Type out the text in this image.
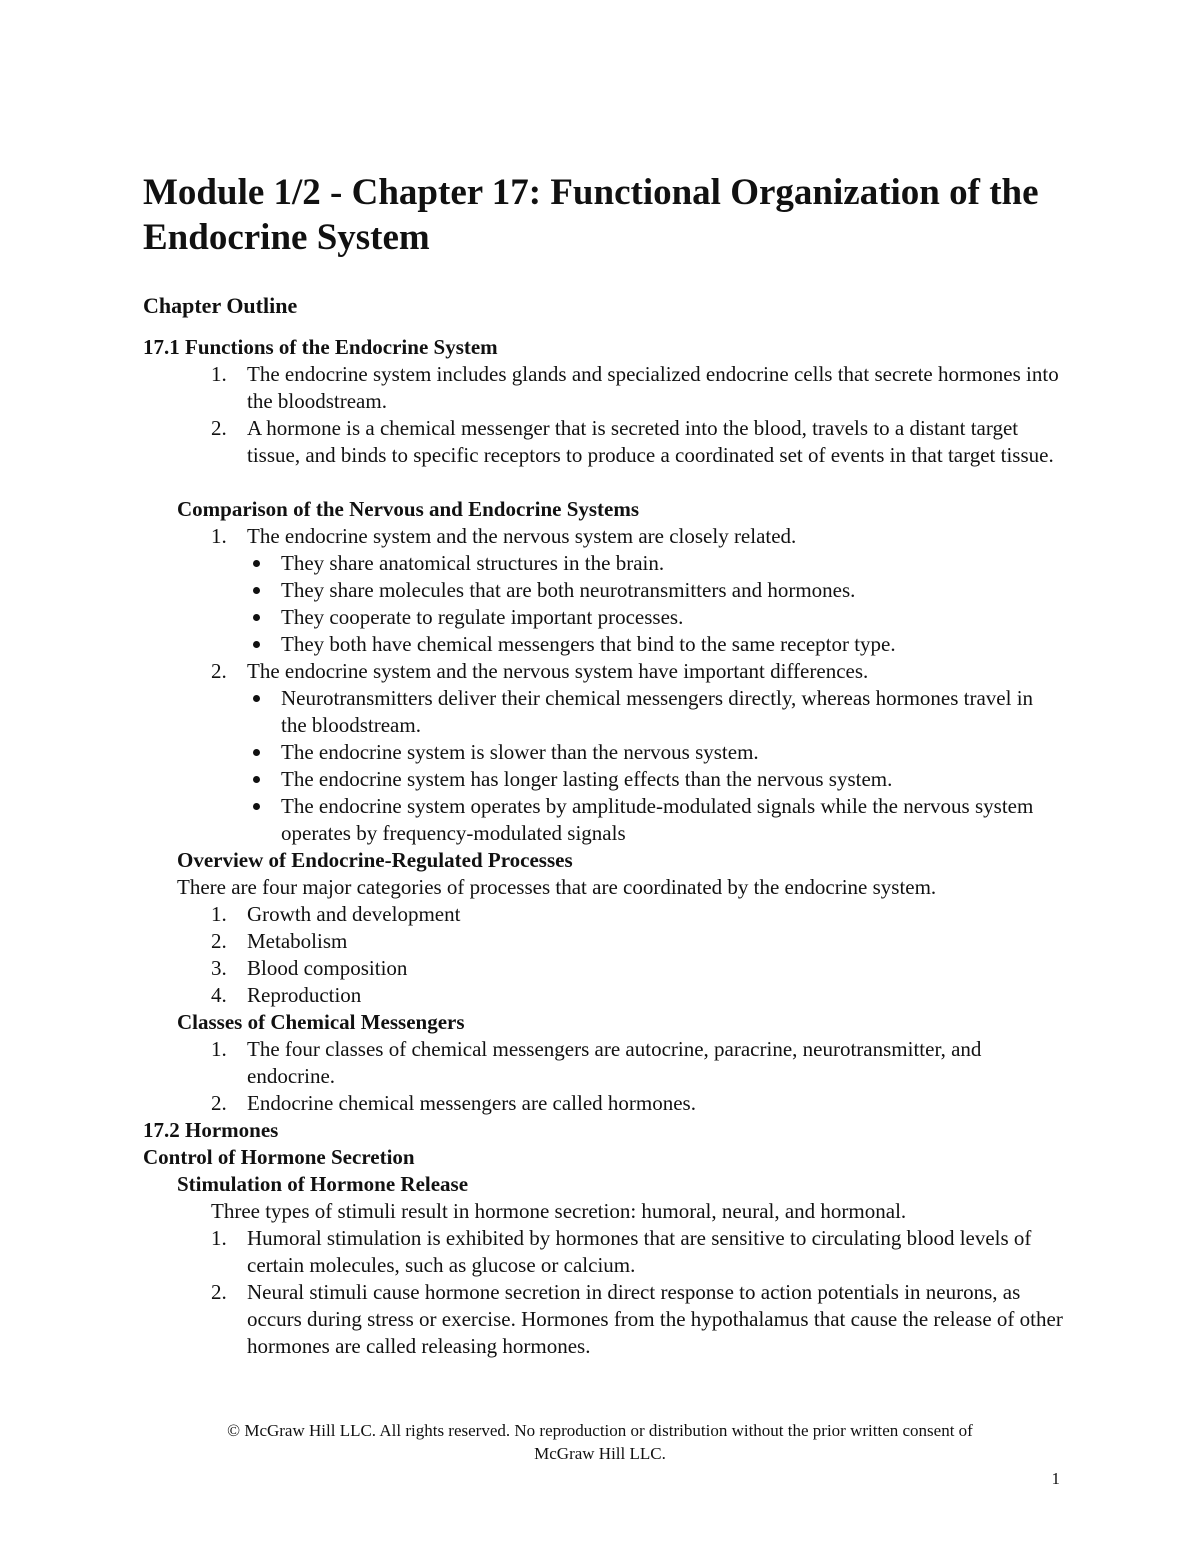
Module 1/2 - Chapter 17: Functional Organization of the Endocrine System
Chapter Outline
17.1 Functions of the Endocrine System
1. The endocrine system includes glands and specialized endocrine cells that secrete hormones into the bloodstream.
2. A hormone is a chemical messenger that is secreted into the blood, travels to a distant target tissue, and binds to specific receptors to produce a coordinated set of events in that target tissue.
Comparison of the Nervous and Endocrine Systems
1. The endocrine system and the nervous system are closely related.
They share anatomical structures in the brain.
They share molecules that are both neurotransmitters and hormones.
They cooperate to regulate important processes.
They both have chemical messengers that bind to the same receptor type.
2. The endocrine system and the nervous system have important differences.
Neurotransmitters deliver their chemical messengers directly, whereas hormones travel in the bloodstream.
The endocrine system is slower than the nervous system.
The endocrine system has longer lasting effects than the nervous system.
The endocrine system operates by amplitude-modulated signals while the nervous system operates by frequency-modulated signals
Overview of Endocrine-Regulated Processes
There are four major categories of processes that are coordinated by the endocrine system.
1. Growth and development
2. Metabolism
3. Blood composition
4. Reproduction
Classes of Chemical Messengers
1. The four classes of chemical messengers are autocrine, paracrine, neurotransmitter, and endocrine.
2. Endocrine chemical messengers are called hormones.
17.2 Hormones
Control of Hormone Secretion
Stimulation of Hormone Release
Three types of stimuli result in hormone secretion: humoral, neural, and hormonal.
1. Humoral stimulation is exhibited by hormones that are sensitive to circulating blood levels of certain molecules, such as glucose or calcium.
2. Neural stimuli cause hormone secretion in direct response to action potentials in neurons, as occurs during stress or exercise. Hormones from the hypothalamus that cause the release of other hormones are called releasing hormones.
© McGraw Hill LLC. All rights reserved. No reproduction or distribution without the prior written consent of
McGraw Hill LLC.
1
